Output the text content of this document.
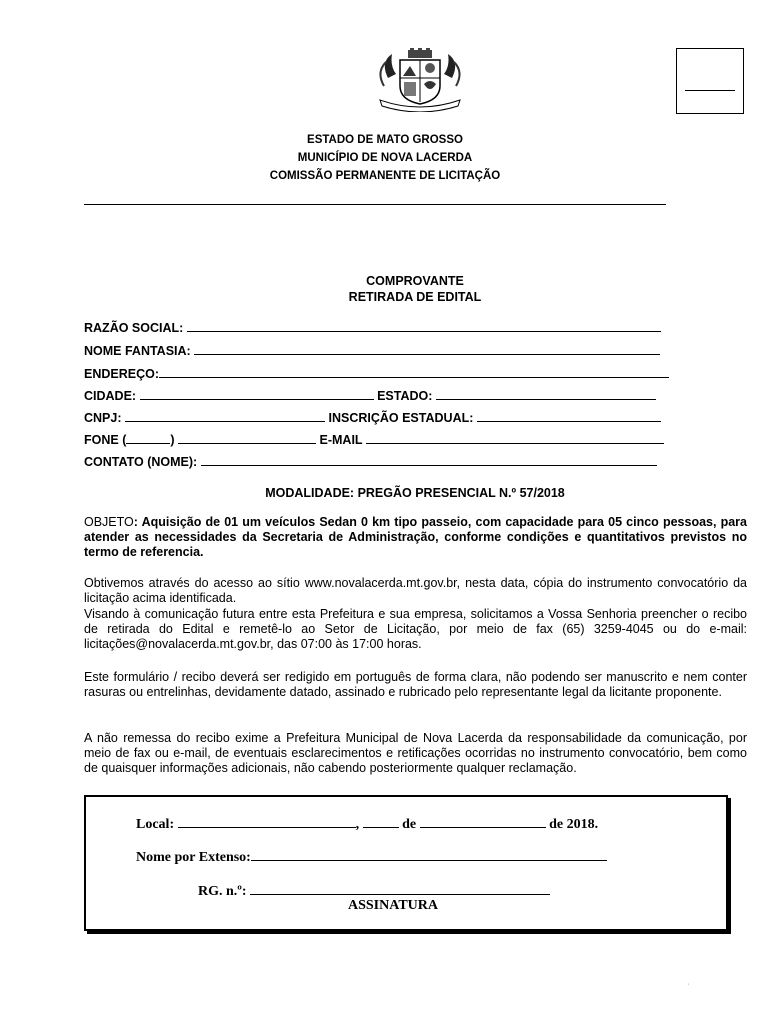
ESTADO DE MATO GROSSO
MUNICÍPIO DE NOVA LACERDA
COMISSÃO PERMANENTE DE LICITAÇÃO
COMPROVANTE
RETIRADA DE EDITAL
RAZÃO SOCIAL:
NOME FANTASIA:
ENDEREÇO:
CIDADE:	ESTADO:
CNPJ:	INSCRIÇÃO ESTADUAL:
FONE (	)	E-MAIL
CONTATO (NOME):
MODALIDADE: PREGÃO PRESENCIAL N.º 57/2018
OBJETO: Aquisição de 01 um veículos Sedan 0 km tipo passeio, com capacidade para 05 cinco pessoas, para atender as necessidades da Secretaria de Administração, conforme condições e quantitativos previstos no termo de referencia.
Obtivemos através do acesso ao sítio www.novalacerda.mt.gov.br, nesta data, cópia do instrumento convocatório da licitação acima identificada.
Visando à comunicação futura entre esta Prefeitura e sua empresa, solicitamos a Vossa Senhoria preencher o recibo de retirada do Edital e remetê-lo ao Setor de Licitação, por meio de fax (65) 3259-4045 ou do e-mail: licitações@novalacerda.mt.gov.br, das 07:00 às 17:00 horas.
Este formulário / recibo deverá ser redigido em português de forma clara, não podendo ser manuscrito e nem conter rasuras ou entrelinhas, devidamente datado, assinado e rubricado pelo representante legal da licitante proponente.
A não remessa do recibo exime a Prefeitura Municipal de Nova Lacerda da responsabilidade da comunicação, por meio de fax ou e-mail, de eventuais esclarecimentos e retificações ocorridas no instrumento convocatório, bem como de quaisquer informações adicionais, não cabendo posteriormente qualquer reclamação.
Local:	,	de	de 2018.
Nome por Extenso:
RG. n.º:
ASSINATURA
'
